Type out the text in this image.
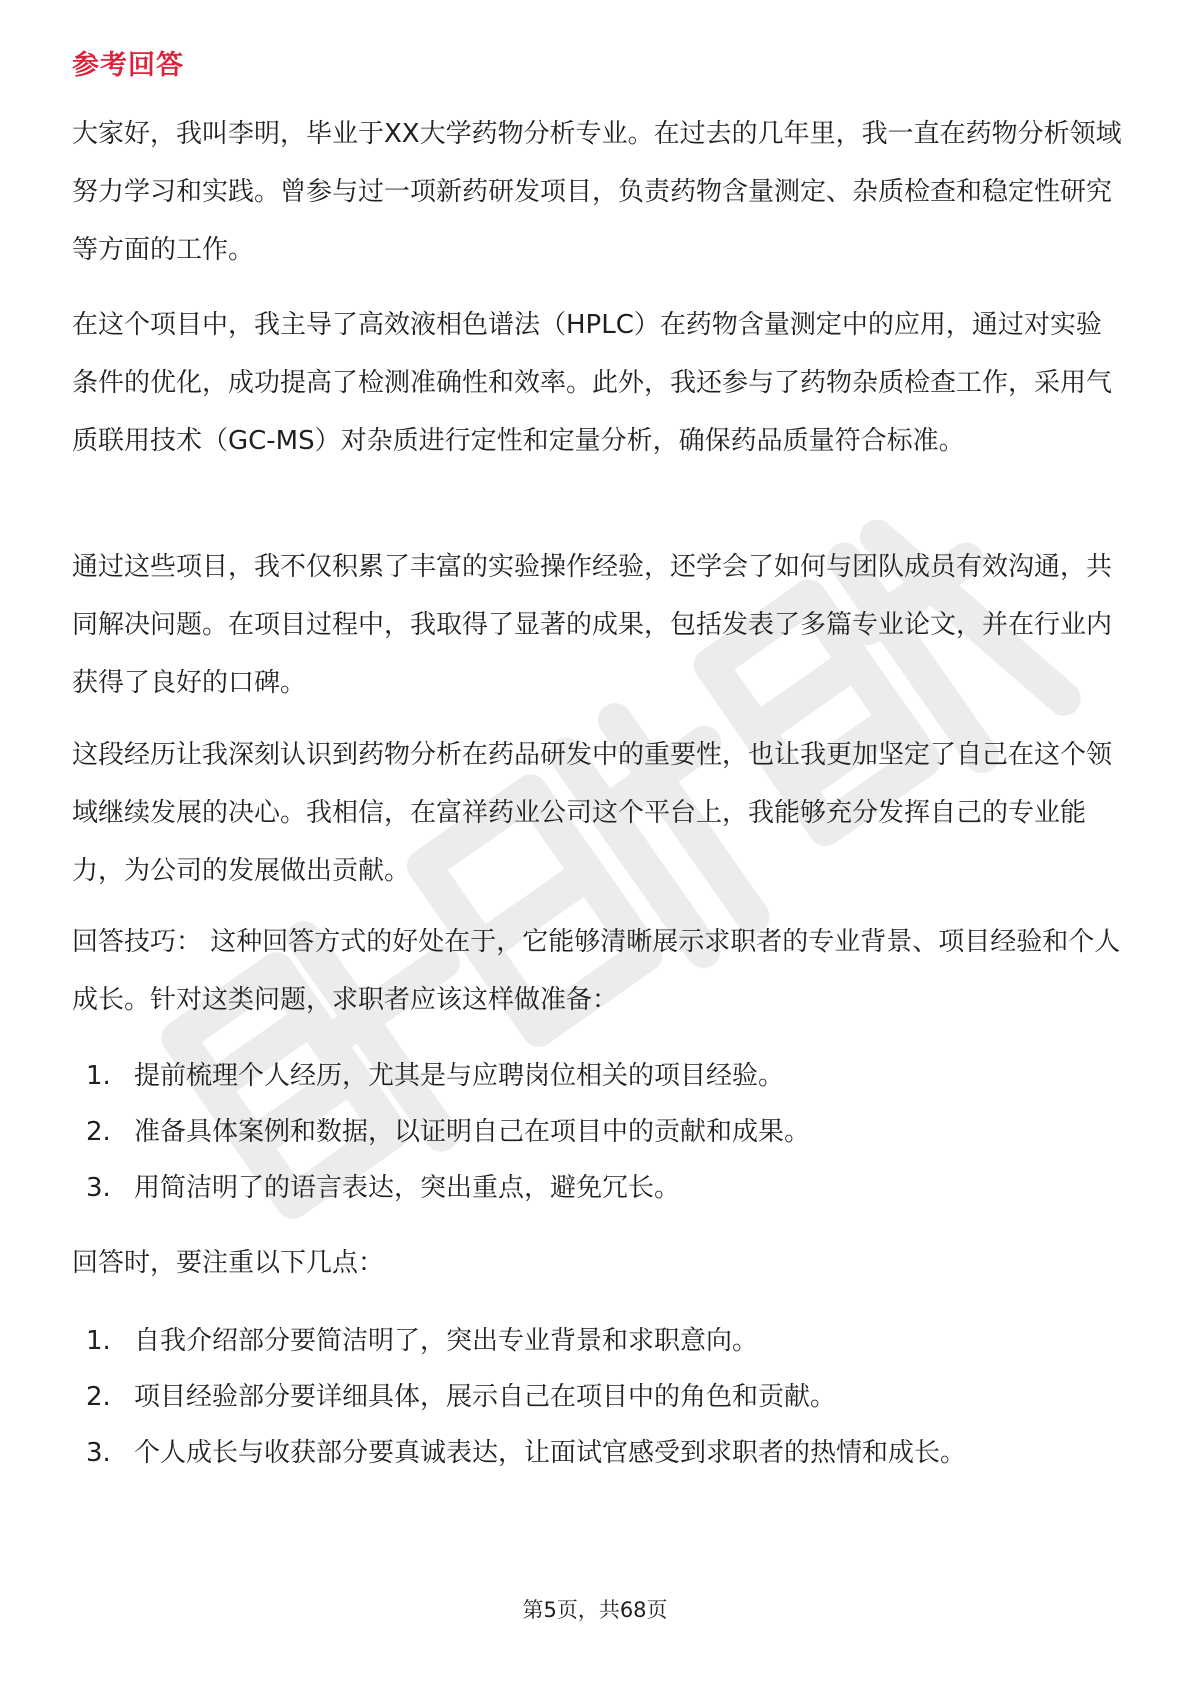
参考回答

大家好，我叫李明，毕业于XX大学药物分析专业。在过去的几年里，我一直在药物分析领域努力学习和实践。曾参与过一项新药研发项目，负责药物含量测定、杂质检查和稳定性研究等方面的工作。

在这个项目中，我主导了高效液相色谱法（HPLC）在药物含量测定中的应用，通过对实验条件的优化，成功提高了检测准确性和效率。此外，我还参与了药物杂质检查工作，采用气质联用技术（GC-MS）对杂质进行定性和定量分析，确保药品质量符合标准。

通过这些项目，我不仅积累了丰富的实验操作经验，还学会了如何与团队成员有效沟通，共同解决问题。在项目过程中，我取得了显著的成果，包括发表了多篇专业论文，并在行业内获得了良好的口碑。

这段经历让我深刻认识到药物分析在药品研发中的重要性，也让我更加坚定了自己在这个领域继续发展的决心。我相信，在富祥药业公司这个平台上，我能够充分发挥自己的专业能力，为公司的发展做出贡献。

回答技巧： 这种回答方式的好处在于，它能够清晰展示求职者的专业背景、项目经验和个人成长。针对这类问题，求职者应该这样做准备：

1. 提前梳理个人经历，尤其是与应聘岗位相关的项目经验。
2. 准备具体案例和数据，以证明自己在项目中的贡献和成果。
3. 用简洁明了的语言表达，突出重点，避免冗长。

回答时，要注重以下几点：

1. 自我介绍部分要简洁明了，突出专业背景和求职意向。
2. 项目经验部分要详细具体，展示自己在项目中的角色和贡献。
3. 个人成长与收获部分要真诚表达，让面试官感受到求职者的热情和成长。
第5页，共68页
